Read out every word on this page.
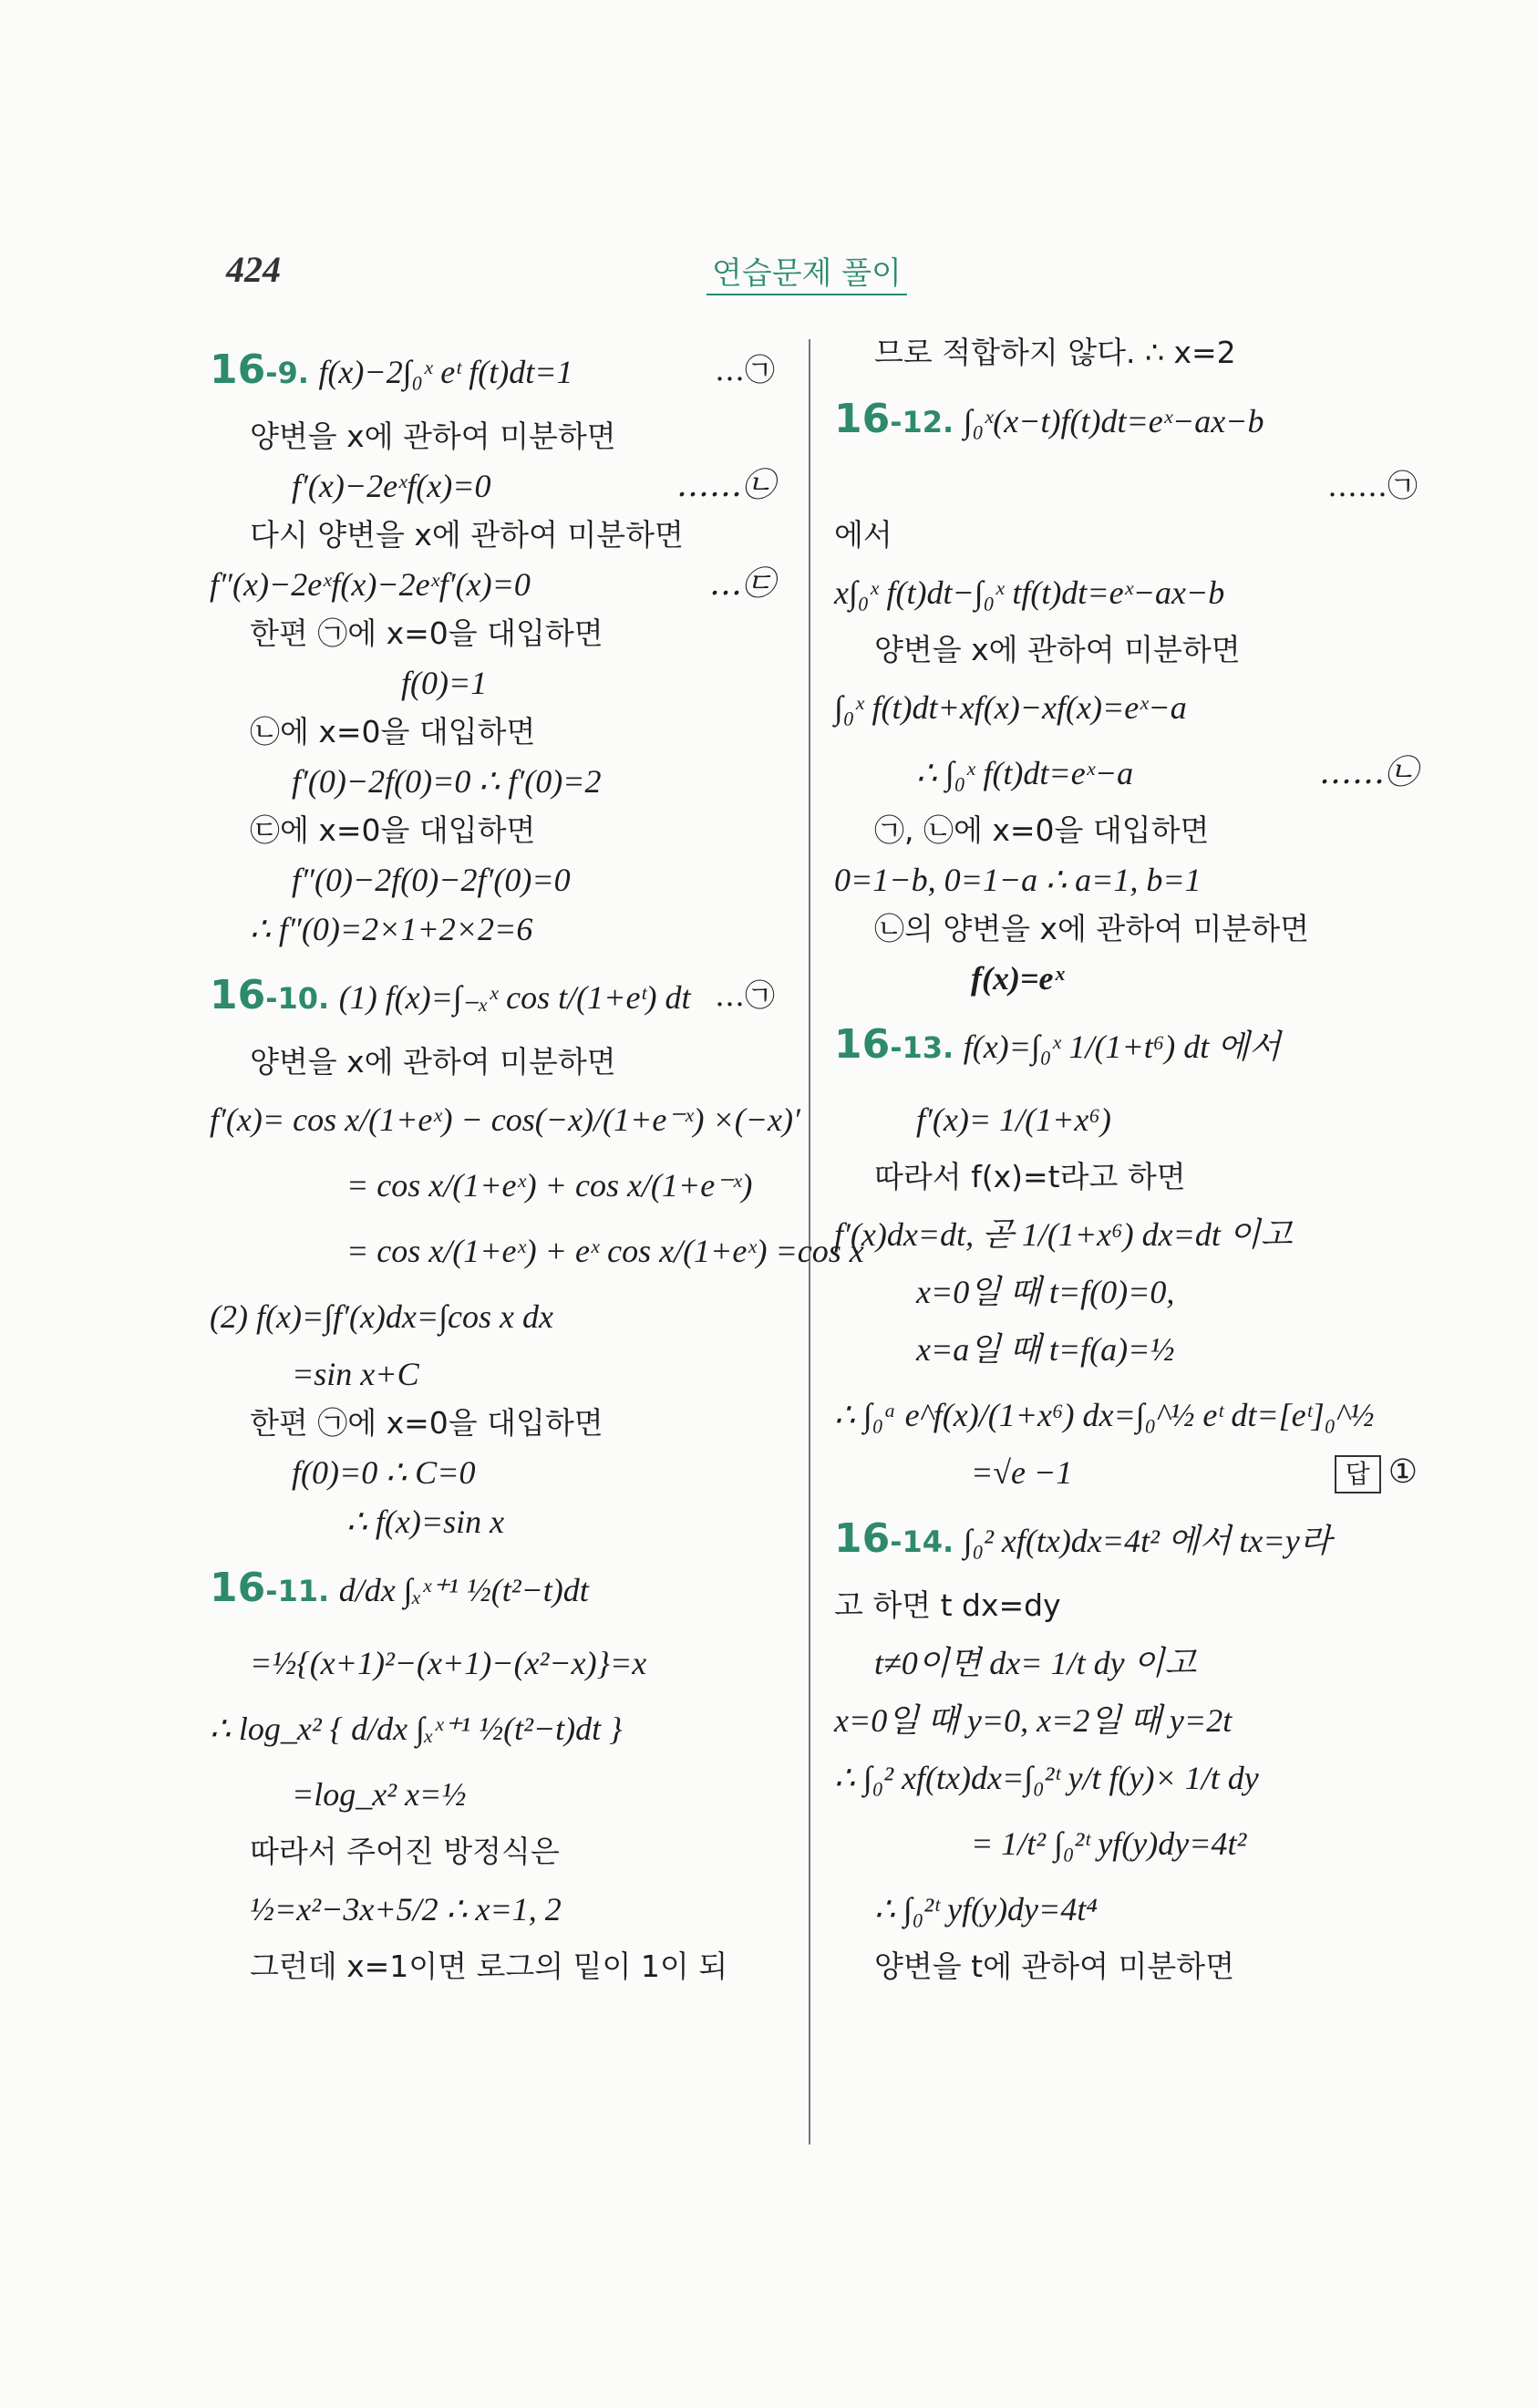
424	연습문제 풀이
16-9. f(x)−2∫₀ˣ eᵗ f(t)dt=1	…㉠
양변을 x에 관하여 미분하면
f′(x)−2eˣf(x)=0	……㉡
다시 양변을 x에 관하여 미분하면
f″(x)−2eˣf(x)−2eˣf′(x)=0	…㉢
한편 ㉠에 x=0을 대입하면
f(0)=1
㉡에 x=0을 대입하면
f′(0)−2f(0)=0 ∴ f′(0)=2
㉢에 x=0을 대입하면
f″(0)−2f(0)−2f′(0)=0
∴ f″(0)=2×1+2×2=6
16-10. (1) f(x)=∫₋ₓˣ cos t/(1+eᵗ) dt …㉠
양변을 x에 관하여 미분하면
f′(x)= cos x/(1+eˣ) − cos(−x)/(1+e⁻ˣ) ×(−x)′
= cos x/(1+eˣ) + cos x/(1+e⁻ˣ)
= cos x/(1+eˣ) + eˣ cos x/(1+eˣ) =cos x
(2) f(x)=∫f′(x)dx=∫cos x dx
=sin x+C
한편 ㉠에 x=0을 대입하면
f(0)=0 ∴ C=0
∴ f(x)=sin x
16-11. d/dx ∫ₓˣ⁺¹ ½(t²−t)dt
=½{(x+1)²−(x+1)−(x²−x)}=x
∴ log_x² { d/dx ∫ₓˣ⁺¹ ½(t²−t)dt }
=log_x² x=½
따라서 주어진 방정식은
½=x²−3x+5/2 ∴ x=1, 2
그런데 x=1이면 로그의 밑이 1이 되
므로 적합하지 않다. ∴ x=2
16-12. ∫₀ˣ(x−t)f(t)dt=eˣ−ax−b
……㉠
에서
x∫₀ˣ f(t)dt−∫₀ˣ tf(t)dt=eˣ−ax−b
양변을 x에 관하여 미분하면
∫₀ˣ f(t)dt+xf(x)−xf(x)=eˣ−a
∴ ∫₀ˣ f(t)dt=eˣ−a	……㉡
㉠, ㉡에 x=0을 대입하면
0=1−b, 0=1−a ∴ a=1, b=1
㉡의 양변을 x에 관하여 미분하면
f(x)=eˣ
16-13. f(x)=∫₀ˣ 1/(1+t⁶) dt 에서
f′(x)= 1/(1+x⁶)
따라서 f(x)=t라고 하면
f′(x)dx=dt, 곧 1/(1+x⁶) dx=dt 이고
x=0일 때 t=f(0)=0,
x=a일 때 t=f(a)=½
∴ ∫₀ᵃ e^f(x)/(1+x⁶) dx=∫₀^½ eᵗ dt=[eᵗ]₀^½
=√e −1	답 ①
16-14. ∫₀² xf(tx)dx=4t² 에서 tx=y라
고 하면 t dx=dy
t≠0이면 dx= 1/t dy 이고
x=0일 때 y=0, x=2일 때 y=2t
∴ ∫₀² xf(tx)dx=∫₀²ᵗ y/t f(y)× 1/t dy
= 1/t² ∫₀²ᵗ yf(y)dy=4t²
∴ ∫₀²ᵗ yf(y)dy=4t⁴
양변을 t에 관하여 미분하면
